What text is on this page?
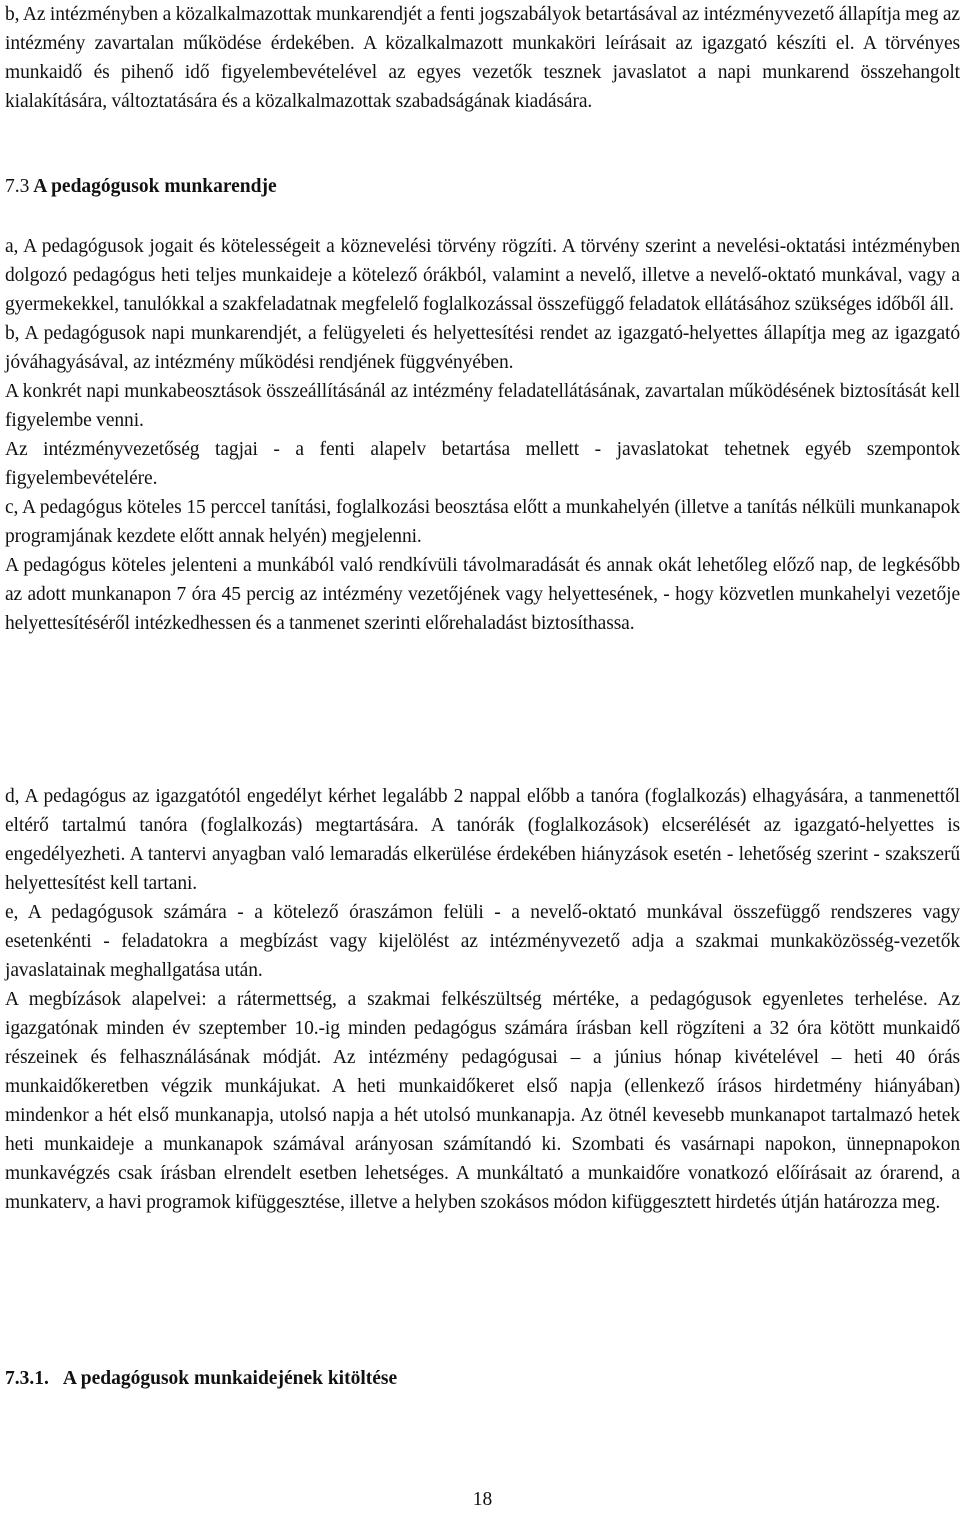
b, Az intézményben a közalkalmazottak munkarendjét a fenti jogszabályok betartásával az intézményvezető állapítja meg az intézmény zavartalan működése érdekében. A közalkalmazott munkaköri leírásait az igazgató készíti el. A törvényes munkaidő és pihenő idő figyelembevételével az egyes vezetők tesznek javaslatot a napi munkarend összehangolt kialakítására, változtatására és a közalkalmazottak szabadságának kiadására.

7.3 A pedagógusok munkarendje
a, A pedagógusok jogait és kötelességeit a köznevelési törvény rögzíti. A törvény szerint a nevelési-oktatási intézményben dolgozó pedagógus heti teljes munkaideje a kötelező órákból, valamint a nevelő, illetve a nevelő-oktató munkával, vagy a gyermekekkel, tanulókkal a szakfeladatnak megfelelő foglalkozással összefüggő feladatok ellátásához szükséges időből áll.
b, A pedagógusok napi munkarendjét, a felügyeleti és helyettesítési rendet az igazgató-helyettes állapítja meg az igazgató jóváhagyásával, az intézmény működési rendjének függvényében.
A konkrét napi munkabeosztások összeállításánál az intézmény feladatellátásának, zavartalan működésének biztosítását kell figyelembe venni.
Az intézményvezetőség tagjai - a fenti alapelv betartása mellett - javaslatokat tehetnek egyéb szempontok figyelembevételére.
c, A pedagógus köteles 15 perccel tanítási, foglalkozási beosztása előtt a munkahelyén (illetve a tanítás nélküli munkanapok programjának kezdete előtt annak helyén) megjelenni.
A pedagógus köteles jelenteni a munkából való rendkívüli távolmaradását és annak okát lehetőleg előző nap, de legkésőbb az adott munkanapon 7 óra 45 percig az intézmény vezetőjének vagy helyettesének, - hogy közvetlen munkahelyi vezetője helyettesítéséről intézkedhessen és a tanmenet szerinti előrehaladást biztosíthassa.
d, A pedagógus az igazgatótól engedélyt kérhet legalább 2 nappal előbb a tanóra (foglalkozás) elhagyására, a tanmenettől eltérő tartalmú tanóra (foglalkozás) megtartására. A tanórák (foglalkozások) elcserélését az igazgató-helyettes is engedélyezheti. A tantervi anyagban való lemaradás elkerülése érdekében hiányzások esetén - lehetőség szerint - szakszerű helyettesítést kell tartani.
e, A pedagógusok számára - a kötelező óraszámon felüli - a nevelő-oktató munkával összefüggő rendszeres vagy esetenkénti - feladatokra a megbízást vagy kijelölést az intézményvezető adja a szakmai munkaközösség-vezetők javaslatainak meghallgatása után.
A megbízások alapelvei: a rátermettség, a szakmai felkészültség mértéke, a pedagógusok egyenletes terhelése. Az igazgatónak minden év szeptember 10.-ig minden pedagógus számára írásban kell rögzíteni a 32 óra kötött munkaidő részeinek és felhasználásának módját. Az intézmény pedagógusai – a június hónap kivételével – heti 40 órás munkaidőkeretben végzik munkájukat. A heti munkaidőkeret első napja (ellenkező írásos hirdetmény hiányában) mindenkor a hét első munkanapja, utolsó napja a hét utolsó munkanapja. Az ötnél kevesebb munkanapot tartalmazó hetek heti munkaideje a munkanapok számával arányosan számítandó ki. Szombati és vasárnapi napokon, ünnepnapokon munkavégzés csak írásban elrendelt esetben lehetséges. A munkáltató a munkaidőre vonatkozó előírásait az órarend, a munkaterv, a havi programok kifüggesztése, illetve a helyben szokásos módon kifüggesztett hirdetés útján határozza meg.
7.3.1. A pedagógusok munkaidejének kitöltése
18
